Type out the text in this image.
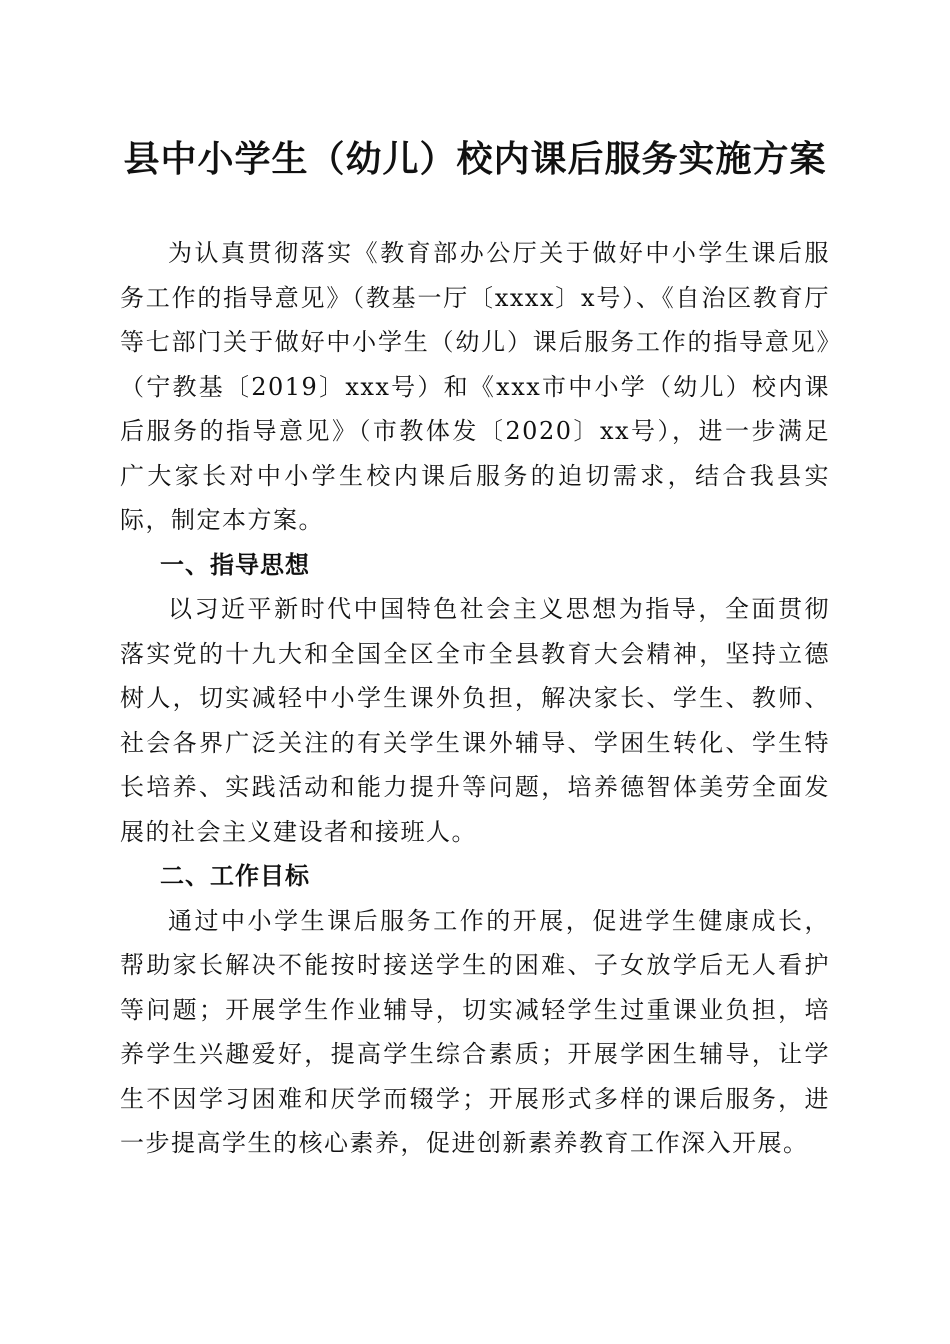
县中小学生（幼儿）校内课后服务实施方案

为认真贯彻落实《教育部办公厅关于做好中小学生课后服务工作的指导意见》（教基一厅〔xxxx〕x号）、《自治区教育厅等七部门关于做好中小学生（幼儿）课后服务工作的指导意见》（宁教基〔2019〕xxx号）和《xxx市中小学（幼儿）校内课后服务的指导意见》（市教体发〔2020〕xx号），进一步满足广大家长对中小学生校内课后服务的迫切需求，结合我县实际，制定本方案。

一、指导思想

以习近平新时代中国特色社会主义思想为指导，全面贯彻落实党的十九大和全国全区全市全县教育大会精神，坚持立德树人，切实减轻中小学生课外负担，解决家长、学生、教师、社会各界广泛关注的有关学生课外辅导、学困生转化、学生特长培养、实践活动和能力提升等问题，培养德智体美劳全面发展的社会主义建设者和接班人。

二、工作目标

通过中小学生课后服务工作的开展，促进学生健康成长，帮助家长解决不能按时接送学生的困难、子女放学后无人看护等问题；开展学生作业辅导，切实减轻学生过重课业负担，培养学生兴趣爱好，提高学生综合素质；开展学困生辅导，让学生不因学习困难和厌学而辍学；开展形式多样的课后服务，进一步提高学生的核心素养，促进创新素养教育工作深入开展。
